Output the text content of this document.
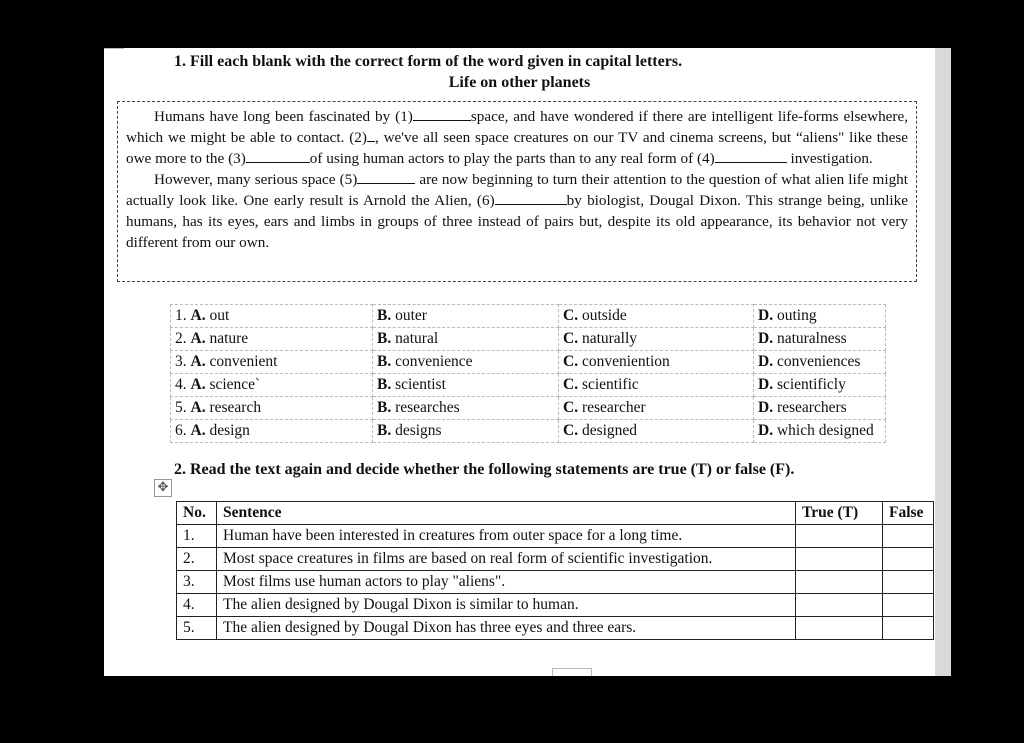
1. Fill each blank with the correct form of the word given in capital letters.
Life on other planets

Humans have long been fascinated by (1)	space, and have wondered if there are intelligent life-forms elsewhere, which we might be able to contact. (2) , we've all seen space creatures on our TV and cinema screens, but “aliens" like these owe more to the (3)	of using human actors to play the parts than to any real form of (4)	investigation.

However, many serious space (5)	are now beginning to turn their attention to the question of what alien life might actually look like. One early result is Arnold the Alien, (6)	by biologist, Dougal Dixon. This strange being, unlike humans, has its eyes, ears and limbs in groups of three instead of pairs but, despite its old appearance, its behavior not very different from our own.

1. A. out	B. outer	C. outside	D. outing
2. A. nature	B. natural	C. naturally	D. naturalness
3. A. convenient	B. convenience	C. conveniention	D. conveniences
4. A. science`	B. scientist	C. scientific	D. scientificly
5. A. research	B. researches	C. researcher	D. researchers
6. A. design	B. designs	C. designed	D. which designed
2. Read the text again and decide whether the following statements are true (T) or false (F).
✥
No.	Sentence	True (T)	False
1.	Human have been interested in creatures from outer space for a long time.		
2.	Most space creatures in films are based on real form of scientific investigation.		
3.	Most films use human actors to play "aliens".		
4.	The alien designed by Dougal Dixon is similar to human.		
5.	The alien designed by Dougal Dixon has three eyes and three ears.		
